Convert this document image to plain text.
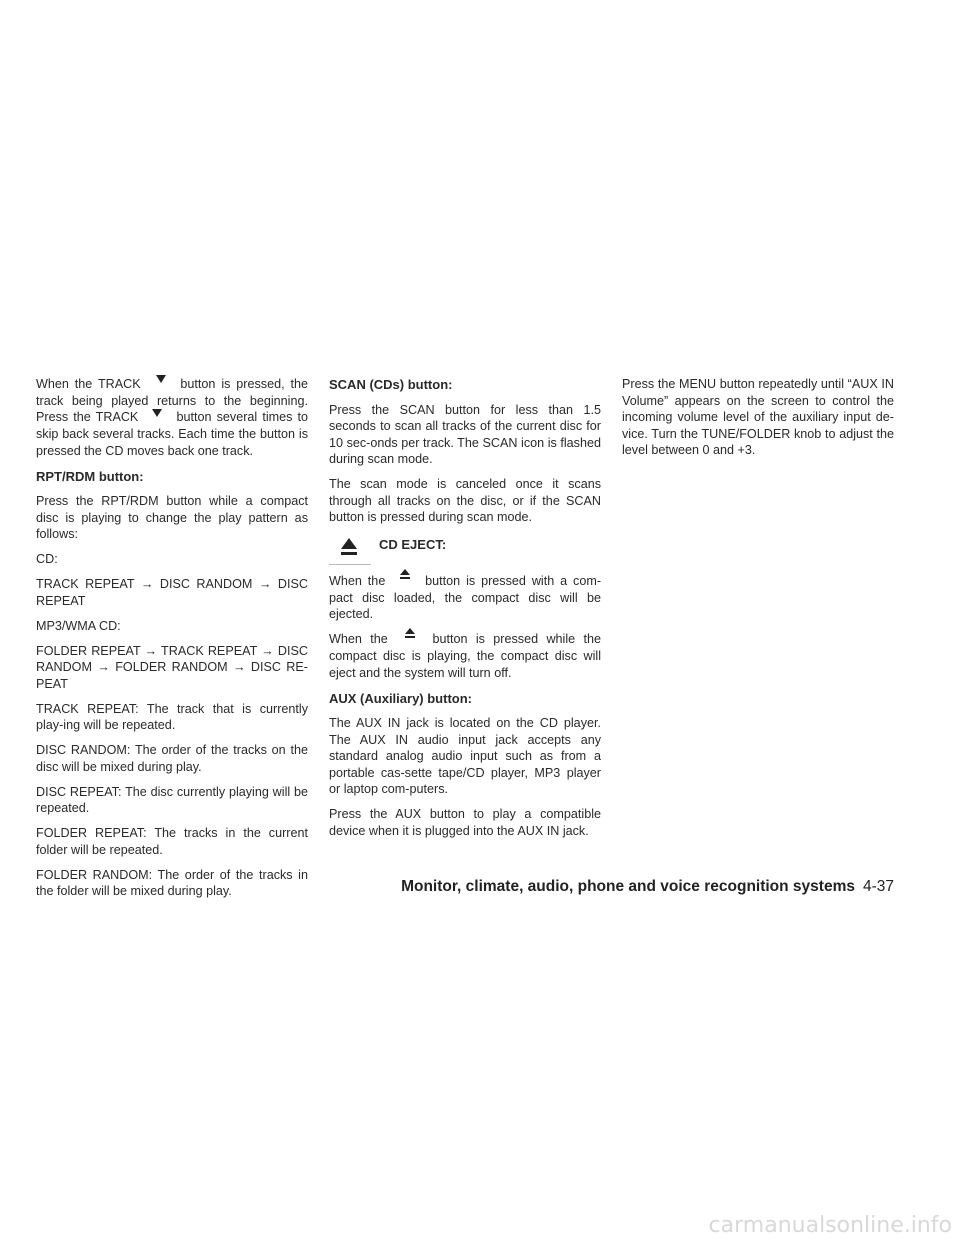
When the TRACK	button is pressed, the track being played returns to the beginning. Press the TRACK	button several times to skip back several tracks. Each time the button is pressed the CD moves back one track.

RPT/RDM button:

Press the RPT/RDM button while a compact disc is playing to change the play pattern as follows:

CD:

TRACK REPEAT → DISC RANDOM → DISC REPEAT

MP3/WMA CD:

FOLDER REPEAT → TRACK REPEAT → DISC RANDOM → FOLDER RANDOM → DISC RE-PEAT

TRACK REPEAT: The track that is currently play-ing will be repeated.

DISC RANDOM: The order of the tracks on the disc will be mixed during play.

DISC REPEAT: The disc currently playing will be repeated.

FOLDER REPEAT: The tracks in the current folder will be repeated.

FOLDER RANDOM: The order of the tracks in the folder will be mixed during play.

SCAN (CDs) button:

Press the SCAN button for less than 1.5 seconds to scan all tracks of the current disc for 10 sec-onds per track. The SCAN icon is flashed during scan mode.

The scan mode is canceled once it scans through all tracks on the disc, or if the SCAN button is pressed during scan mode.

CD EJECT:

When the	button is pressed with a com-pact disc loaded, the compact disc will be ejected.

When the	button is pressed while the compact disc is playing, the compact disc will eject and the system will turn off.

AUX (Auxiliary) button:

The AUX IN jack is located on the CD player. The AUX IN audio input jack accepts any standard analog audio input such as from a portable cas-sette tape/CD player, MP3 player or laptop com-puters.

Press the AUX button to play a compatible device when it is plugged into the AUX IN jack.

Press the MENU button repeatedly until “AUX IN Volume” appears on the screen to control the incoming volume level of the auxiliary input de-vice. Turn the TUNE/FOLDER knob to adjust the level between 0 and +3.

Monitor, climate, audio, phone and voice recognition systems 4-37
carmanualsonline.info
